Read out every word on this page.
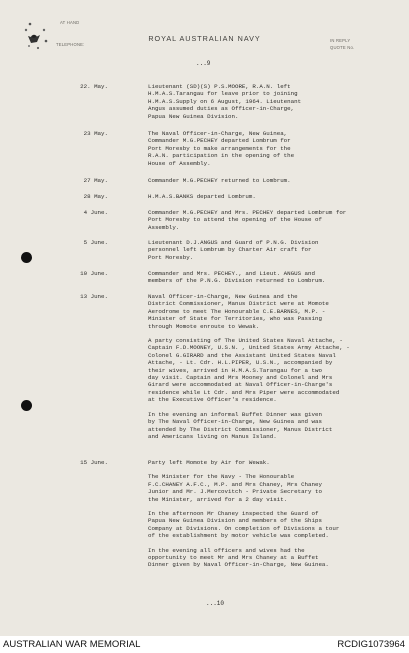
AT HAND
TELEPHONE:
ROYAL AUSTRALIAN NAVY	IN REPLY
QUOTE No.
...9
22. May.	Lieutenant (SD)(S) P.S.MOORE, R.A.N. left
H.M.A.S.Tarangau for leave prior to joining
H.M.A.S.Supply on 6 August, 1964. Lieutenant
Angus assumed duties as Officer-in-Charge,
Papua New Guinea Division.
23 May.	The Naval Officer-in-Charge, New Guinea,
Commander M.G.PECHEY departed Lombrum for
Port Moresby to make arrangements for the
R.A.N. participation in the opening of the
House of Assembly.
27 May.	Commander M.G.PECHEY returned to Lombrum.
28 May.	H.M.A.S.BANKS departed Lombrum.
4 June.	Commander M.G.PECHEY and Mrs. PECHEY departed Lombrum for
Port Moresby to attend the opening of the House of
Assembly.
5 June.	Lieutenant D.J.ANGUS and Guard of P.N.G. Division
personnel left Lombrum by Charter Air craft for
Port Moresby.
10 June.	Commander and Mrs. PECHEY., and Lieut. ANGUS and
members of the P.N.G. Division returned to Lombrum.
13 June.	Naval Officer-in-Charge, New Guinea and the
District Commissioner, Manus District were at Momote
Aerodrome to meet The Honourable C.E.BARNES, M.P. -
Minister of State for Territories, who was Passing
through Momote enroute to Wewak.
A party consisting of The United States Naval Attache, -
Captain F.D.MOONEY, U.S.N. , United States Army Attache, -
Colonel G.GIRARD and the Assistant United States Naval
Attache, - Lt. Cdr. H.L.PIPER, U.S.N., accompanied by
their wives, arrived in H.M.A.S.Tarangau for a two
day visit. Captain and Mrs Mooney and Colonel and Mrs
Girard were accommodated at Naval Officer-in-Charge's
residence while Lt Cdr. and Mrs Piper were accommodated
at the Executive Officer's residence.
In the evening an informal Buffet Dinner was given
by The Naval Officer-in-Charge, New Guinea and was
attended by The District Commissioner, Manus District
and Americans living on Manus Island.
15 June.	Party left Momote by Air for Wewak.
The Minister for the Navy - The Honourable
F.C.CHANEY A.F.C., M.P. and Mrs Chaney, Mrs Chaney
Junior and Mr. J.Mercovitch - Private Secretary to
the Minister, arrived for a 2 day visit.
In the afternoon Mr Chaney inspected the Guard of
Papua New Guinea Division and members of the Ships
Company at Divisions. On completion of Divisions a tour
of the establishment by motor vehicle was completed.
In the evening all officers and wives had the
opportunity to meet Mr and Mrs Chaney at a Buffet
Dinner given by Naval Officer-in-Charge, New Guinea.
...10
AUSTRALIAN WAR MEMORIAL	RCDIG1073964
